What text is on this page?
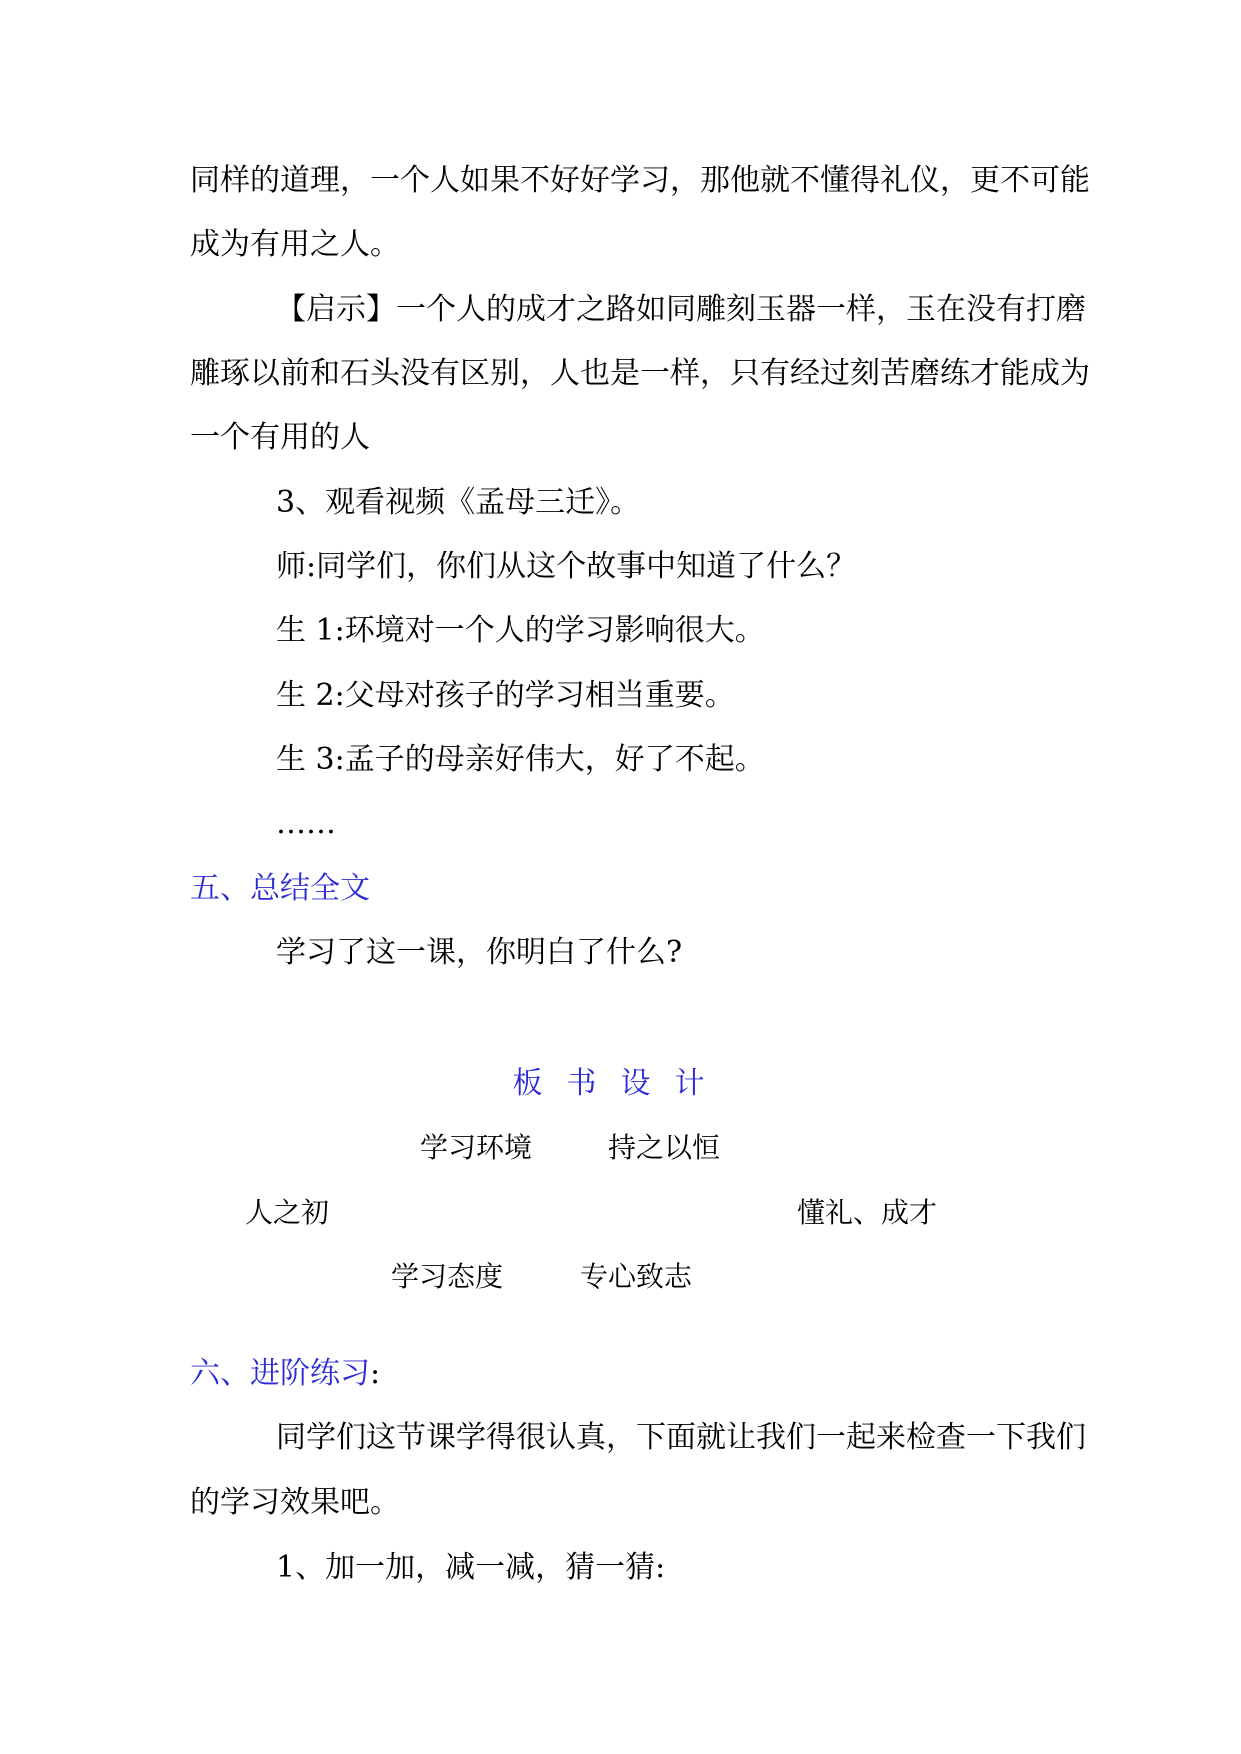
同样的道理，一个人如果不好好学习，那他就不懂得礼仪，更不可能
成为有用之人。
【启示】一个人的成才之路如同雕刻玉器一样，玉在没有打磨
雕琢以前和石头没有区别，人也是一样，只有经过刻苦磨练才能成为
一个有用的人
3、观看视频《孟母三迁》。
师:同学们，你们从这个故事中知道了什么？
生 1:环境对一个人的学习影响很大。
生 2:父母对孩子的学习相当重要。
生 3:孟子的母亲好伟大，好了不起。
……
五、总结全文
学习了这一课，你明白了什么?
板书设计
学习环境	持之以恒
人之初	懂礼、成才
学习态度	专心致志
六、进阶练习:
同学们这节课学得很认真，下面就让我们一起来检查一下我们
的学习效果吧。
1、加一加，减一减，猜一猜:
